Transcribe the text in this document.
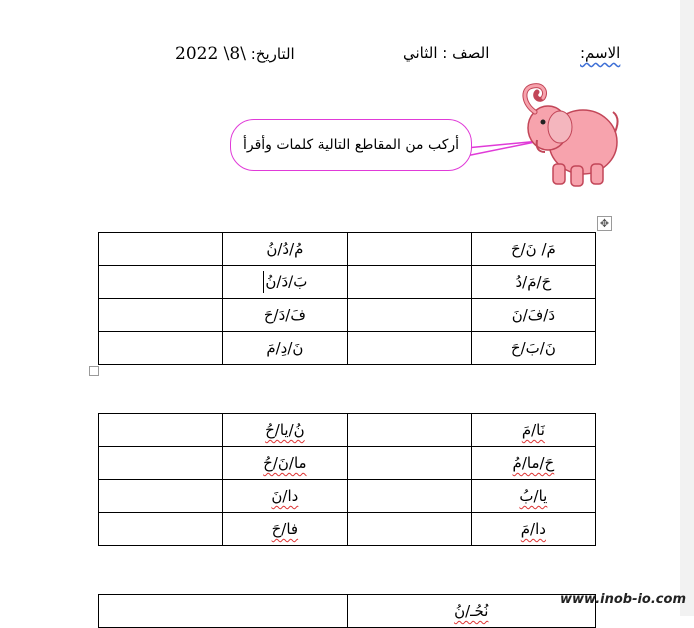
الاسم:
الصف : الثاني
التاريخ: 2022 \8\
أركب من المقاطع التالية كلمات وأقرأ
✥
مَ/ نَ/حَ		مُ/دُ/نُ	
حَ/مَ/دُ		بَ/دَ/نُ	
دَ/فَ/نَ		فَ/دَ/حَ	
نَ/بَ/حَ		نَ/دِ/مَ	
نَا/مَ		نُ/يا/حُ	
حَ/ما/مُ		ما/نَ/حُ	
يا/بُ		دا/نَ	
دا/مَ		فا/حَ	
نُحُـ/نُ	
www.inob-io.com
